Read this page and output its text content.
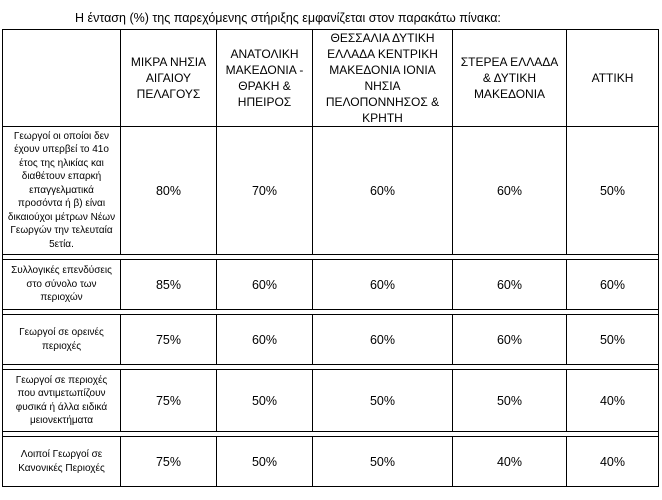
Η ένταση (%) της παρεχόμενης στήριξης εμφανίζεται στον παρακάτω πίνακα:
	ΜΙΚΡΑ ΝΗΣΙΑ ΑΙΓΑΙΟΥ ΠΕΛΑΓΟΥΣ	ΑΝΑΤΟΛΙΚΗ ΜΑΚΕΔΟΝΙΑ - ΘΡΑΚΗ & ΗΠΕΙΡΟΣ	ΘΕΣΣΑΛΙΑ ΔΥΤΙΚΗ ΕΛΛΑΔΑ ΚΕΝΤΡΙΚΗ ΜΑΚΕΔΟΝΙΑ ΙΟΝΙΑ ΝΗΣΙΑ ΠΕΛΟΠΟΝΝΗΣΟΣ & ΚΡΗΤΗ	ΣΤΕΡΕΑ ΕΛΛΑΔΑ & ΔΥΤΙΚΗ ΜΑΚΕΔΟΝΙΑ	ΑΤΤΙΚΗ
Γεωργοί οι οποίοι δεν έχουν υπερβεί το 41ο έτος της ηλικίας και διαθέτουν επαρκή επαγγελματικά προσόντα ή β) είναι δικαιούχοι μέτρων Νέων Γεωργών την τελευταία 5ετία.	80%	70%	60%	60%	50%

Συλλογικές επενδύσεις στο σύνολο των περιοχών	85%	60%	60%	60%	60%

Γεωργοί σε ορεινές περιοχές	75%	60%	60%	60%	50%

Γεωργοί σε περιοχές που αντιμετωπίζουν φυσικά ή άλλα ειδικά μειονεκτήματα	75%	50%	50%	50%	40%

Λοιποί Γεωργοί σε Κανονικές Περιοχές	75%	50%	50%	40%	40%
